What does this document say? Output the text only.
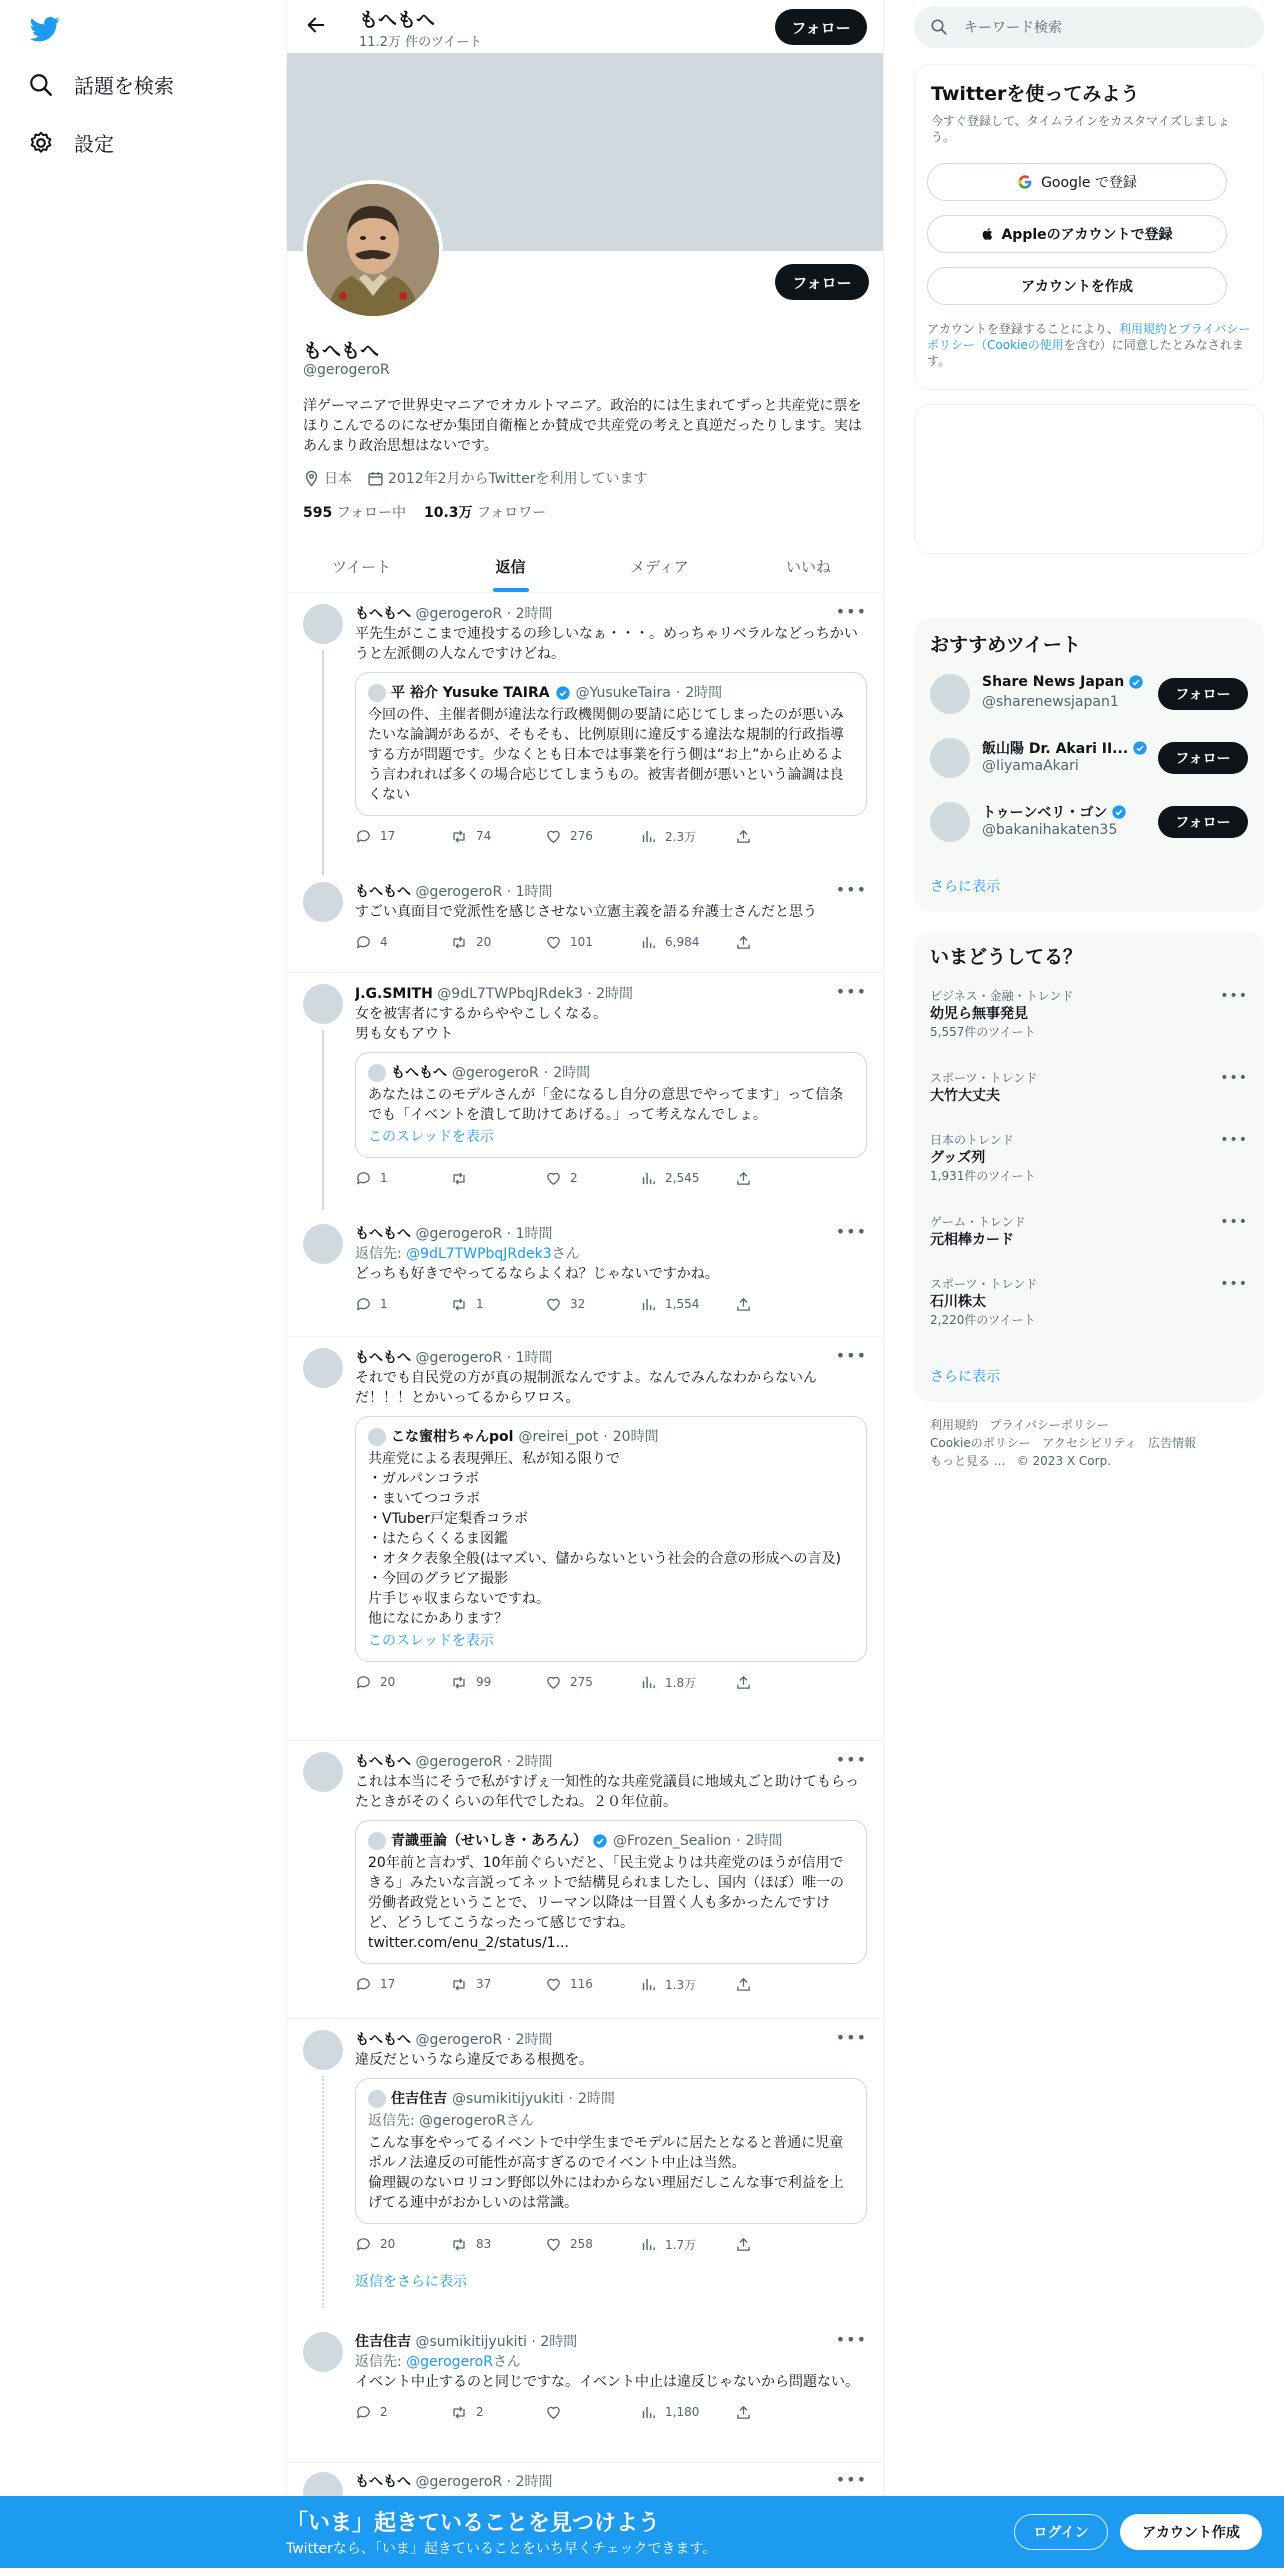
話題を検索
設定
もへもへ
11.2万 件のツイート
フォロー
フォロー
もへもへ
@gerogeroR
洋ゲーマニアで世界史マニアでオカルトマニア。政治的には生まれてずっと共産党に票をほりこんでるのになぜか集団自衛権とか賛成で共産党の考えと真逆だったりします。実はあんまり政治思想はないです。
日本	2012年2月からTwitterを利用しています
595 フォロー中 10.3万 フォロワー
ツイート	返信	メディア	いいね
•••
もへもへ @gerogeroR · 2時間
平先生がここまで連投するの珍しいなぁ・・・。めっちゃリベラルなどっちかいうと左派側の人なんですけどね。
平 裕介 Yusuke TAIRA @YusukeTaira · 2時間
今回の件、主催者側が違法な行政機関側の要請に応じてしまったのが悪いみたいな論調があるが、そもそも、比例原則に違反する違法な規制的行政指導する方が問題です。少なくとも日本では事業を行う側は“お上”から止めるよう言われれば多くの場合応じてしまうもの。被害者側が悪いという論調は良くない
17	74	276	2.3万
•••
もへもへ @gerogeroR · 1時間
すごい真面目で党派性を感じさせない立憲主義を語る弁護士さんだと思う
4	20	101	6,984
•••
J.G.SMITH @9dL7TWPbqJRdek3 · 2時間
女を被害者にするからややこしくなる。
男も女もアウト
もへもへ @gerogeroR · 2時間
あなたはこのモデルさんが「金になるし自分の意思でやってます」って信条でも「イベントを潰して助けてあげる。」って考えなんでしょ。
このスレッドを表示
1	2	2,545
•••
もへもへ @gerogeroR · 1時間
返信先: @9dL7TWPbqJRdek3さん
どっちも好きでやってるならよくね？じゃないですかね。
1	1	32	1,554
•••
もへもへ @gerogeroR · 1時間
それでも自民党の方が真の規制派なんですよ。なんでみんなわからないんだ！！！とかいってるからワロス。
こな蜜柑ちゃんpol @reirei_pot · 20時間
共産党による表現弾圧、私が知る限りで
・ガルパンコラボ
・まいてつコラボ
・VTuber戸定梨香コラボ
・はたらくくるま図鑑
・オタク表象全般(はマズい、儲からないという社会的合意の形成への言及)
・今回のグラビア撮影
片手じゃ収まらないですね。
他になにかあります？
このスレッドを表示
20	99	275	1.8万
•••
もへもへ @gerogeroR · 2時間
これは本当にそうで私がすげぇ一知性的な共産党議員に地域丸ごと助けてもらったときがそのくらいの年代でしたね。２０年位前。
青識亜論（せいしき・あろん） @Frozen_Sealion · 2時間
20年前と言わず、10年前ぐらいだと、「民主党よりは共産党のほうが信用できる」みたいな言説ってネットで結構見られましたし、国内（ほぼ）唯一の労働者政党ということで、リーマン以降は一目置く人も多かったんですけど、どうしてこうなったって感じですね。
twitter.com/enu_2/status/1...
17	37	116	1.3万
•••
もへもへ @gerogeroR · 2時間
違反だというなら違反である根拠を。
住吉住吉 @sumikitijyukiti · 2時間
返信先: @gerogeroRさん
こんな事をやってるイベントで中学生までモデルに居たとなると普通に児童ポルノ法違反の可能性が高すぎるのでイベント中止は当然。
倫理観のないロリコン野郎以外にはわからない理屈だしこんな事で利益を上げてる連中がおかしいのは常識。
20	83	258	1.7万
返信をさらに表示
•••
住吉住吉 @sumikitijyukiti · 2時間
返信先: @gerogeroRさん
イベント中止するのと同じですな。イベント中止は違反じゃないから問題ない。
2	2	1,180
•••
もへもへ @gerogeroR · 2時間
キーワード検索
Twitterを使ってみよう
今すぐ登録して、タイムラインをカスタマイズしましょう。
Google で登録
Appleのアカウントで登録
アカウントを作成
アカウントを登録することにより、利用規約とプライバシーポリシー（Cookieの使用を含む）に同意したとみなされます。
おすすめツイート
Share News Japan
@sharenewsjapan1	フォロー
飯山陽 Dr. Akari II...
@IiyamaAkari	フォロー
トゥーンベリ・ゴン
@bakanihakaten35	フォロー
さらに表示
いまどうしてる？
ビジネス・金融・トレンド
幼児ら無事発見
5,557件のツイート
•••
スポーツ・トレンド
大竹大丈夫
•••
日本のトレンド
グッズ列
1,931件のツイート
•••
ゲーム・トレンド
元相棒カード
•••
スポーツ・トレンド
石川株太
2,220件のツイート
•••
さらに表示
利用規約 プライバシーポリシー
Cookieのポリシー アクセシビリティ 広告情報
もっと見る ... © 2023 X Corp.
「いま」起きていることを見つけよう
Twitterなら、「いま」起きていることをいち早くチェックできます。
ログイン	アカウント作成
